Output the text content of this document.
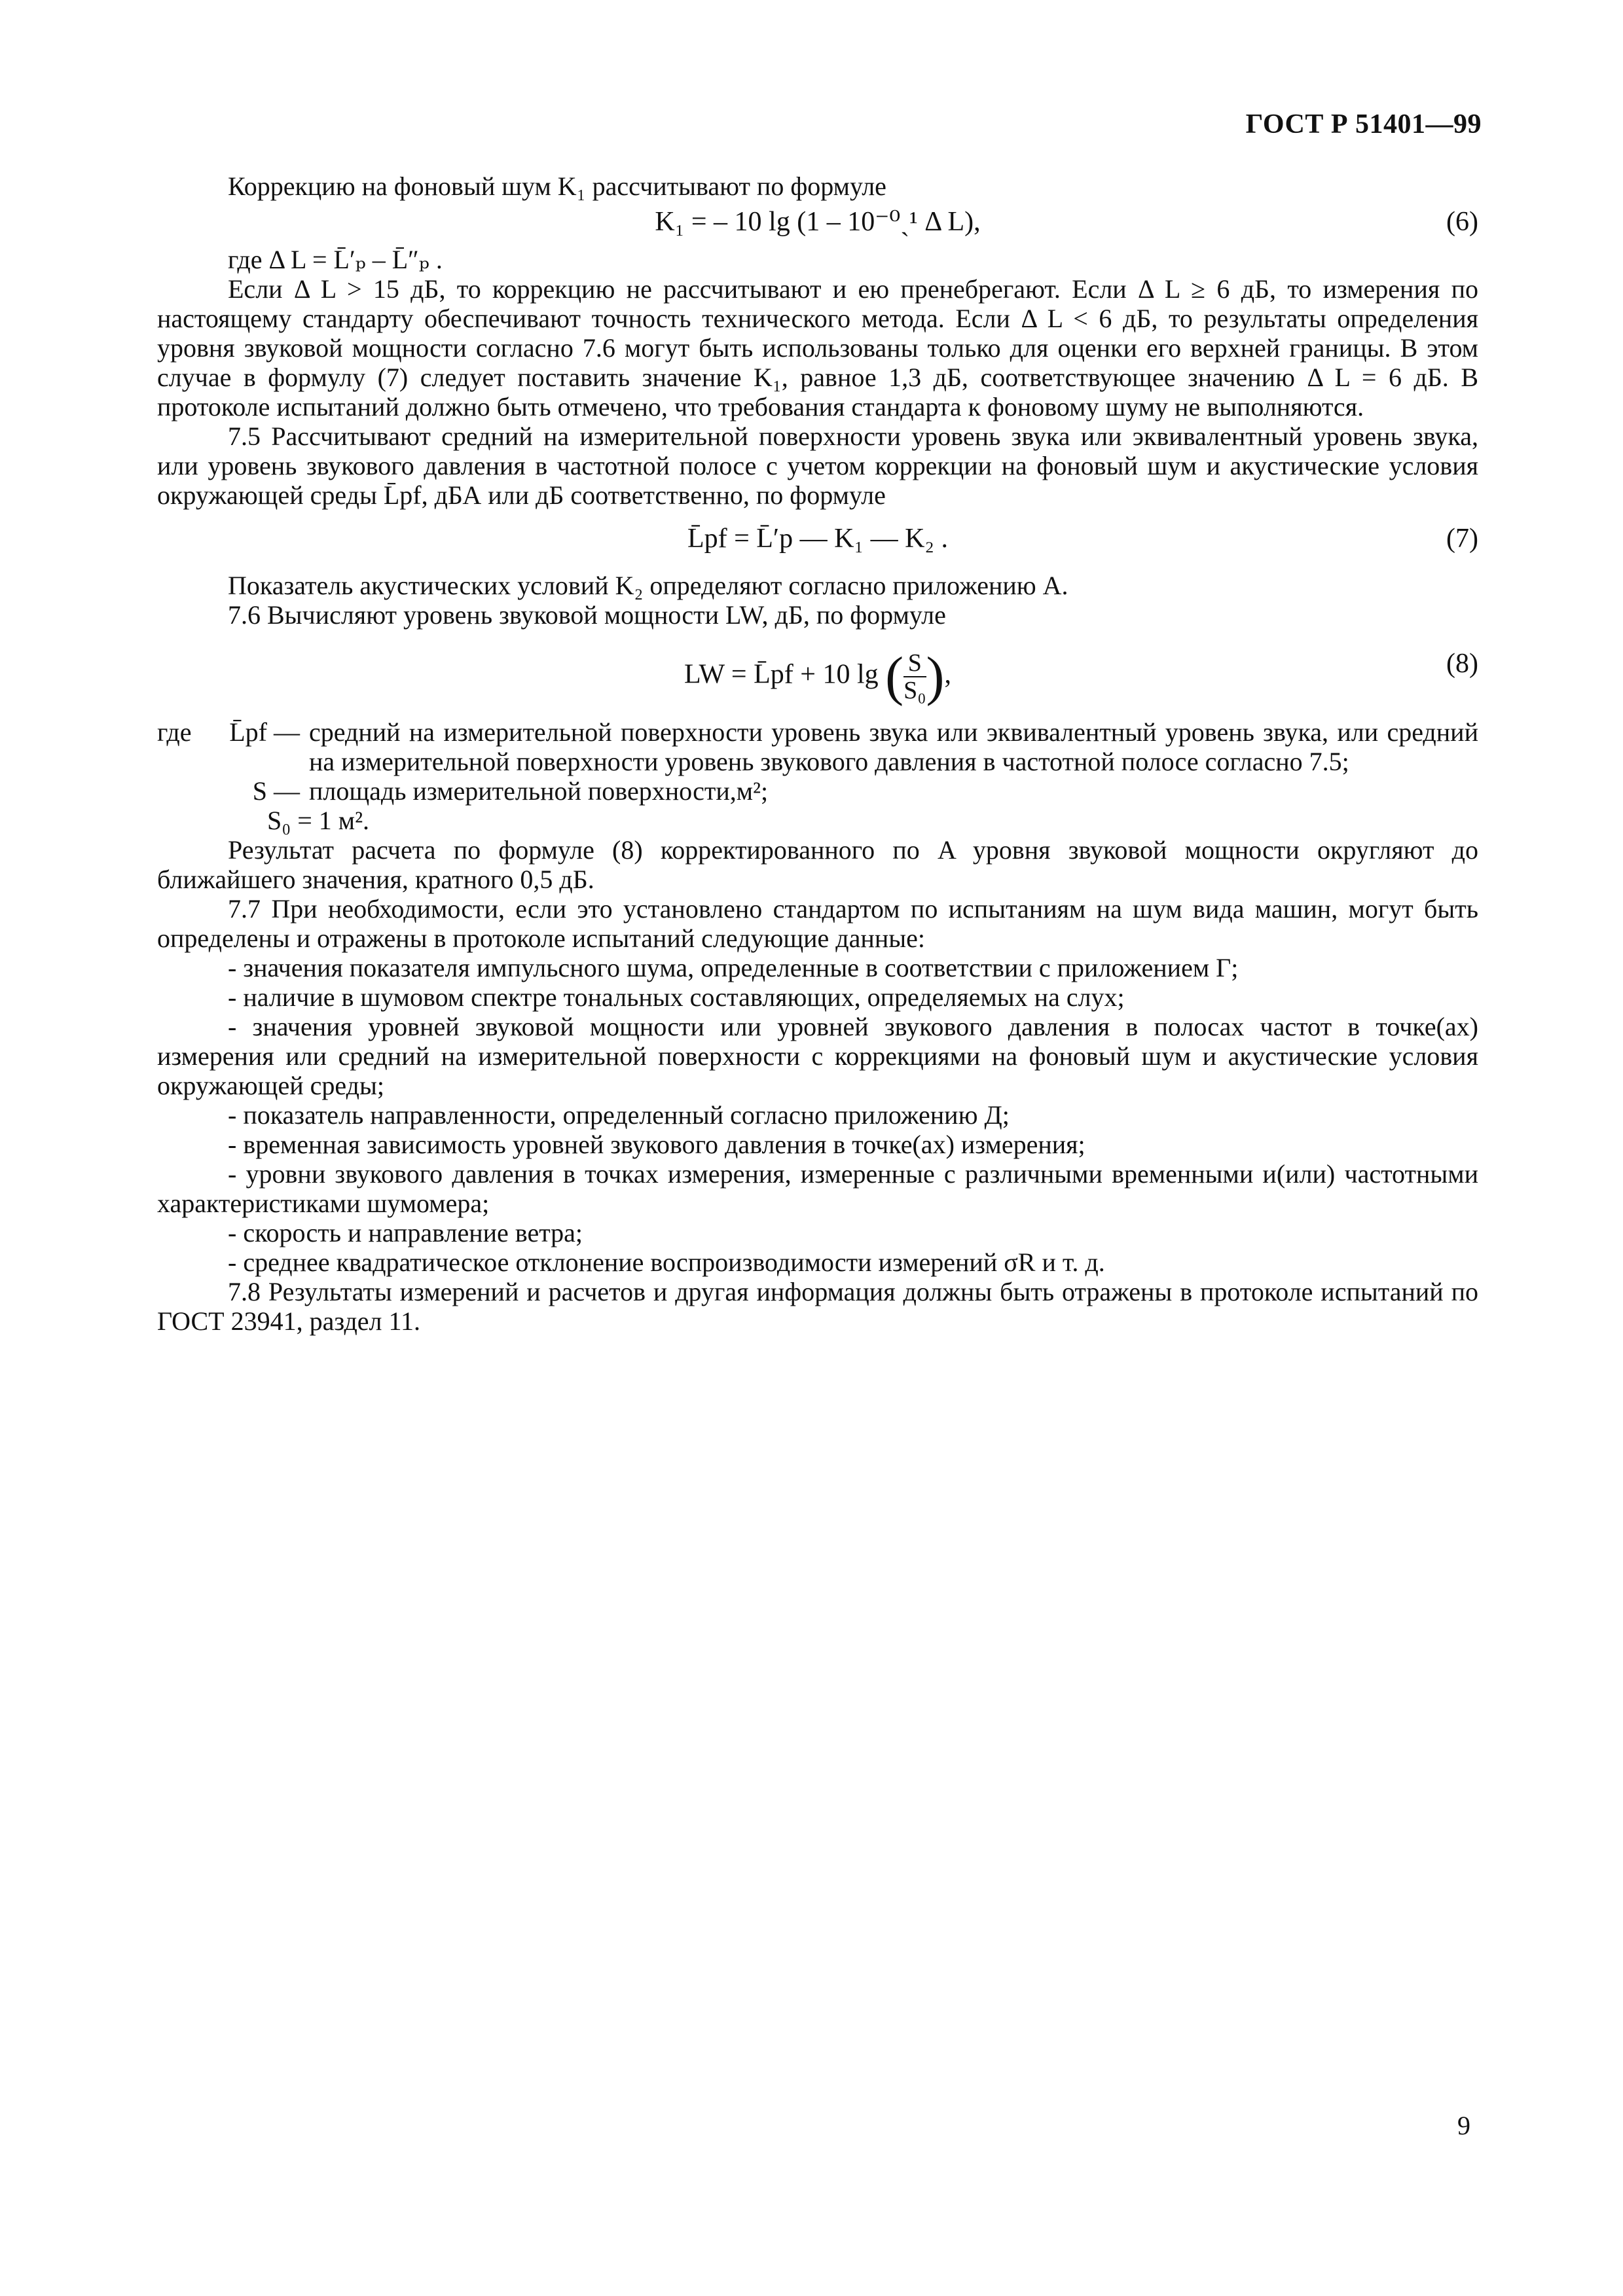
ГОСТ Р 51401—99

Коррекцию на фоновый шум K₁ рассчитывают по формуле

K₁ = – 10 lg (1 – 10⁻⁰ˏ¹ Δ L),	(6)

где Δ L = L̄′ₚ – L̄″ₚ .

Если Δ L > 15 дБ, то коррекцию не рассчитывают и ею пренебрегают. Если Δ L ≥ 6 дБ, то измерения по настоящему стандарту обеспечивают точность технического метода. Если Δ L < 6 дБ, то результаты определения уровня звуковой мощности согласно 7.6 могут быть использованы только для оценки его верхней границы. В этом случае в формулу (7) следует поставить значение K₁, равное 1,3 дБ, соответствующее значению Δ L = 6 дБ. В протоколе испытаний должно быть отмечено, что требования стандарта к фоновому шуму не выполняются.

7.5 Рассчитывают средний на измерительной поверхности уровень звука или эквивалентный уровень звука, или уровень звукового давления в частотной полосе с учетом коррекции на фоновый шум и акустические условия окружающей среды L̄pf, дБА или дБ соответственно, по формуле

L̄pf = L̄′p — K₁ — K₂ .	(7)

Показатель акустических условий K₂ определяют согласно приложению А.

7.6 Вычисляют уровень звуковой мощности LW, дБ, по формуле

LW = L̄pf + 10 lg ( $\frac{S}{\text{S₀}}$ ),	(8)
где	L̄pf — средний на измерительной поверхности уровень звука или эквивалентный уровень звука, или средний на измерительной поверхности уровень звукового давления в частотной полосе согласно 7.5;
S — площадь измерительной поверхности,м²;
S₀ = 1 м².

Результат расчета по формуле (8) корректированного по A уровня звуковой мощности округляют до ближайшего значения, кратного 0,5 дБ.

7.7 При необходимости, если это установлено стандартом по испытаниям на шум вида машин, могут быть определены и отражены в протоколе испытаний следующие данные:

- значения показателя импульсного шума, определенные в соответствии с приложением Г;

- наличие в шумовом спектре тональных составляющих, определяемых на слух;

- значения уровней звуковой мощности или уровней звукового давления в полосах частот в точке(ах) измерения или средний на измерительной поверхности с коррекциями на фоновый шум и акустические условия окружающей среды;

- показатель направленности, определенный согласно приложению Д;

- временная зависимость уровней звукового давления в точке(ах) измерения;

- уровни звукового давления в точках измерения, измеренные с различными временными и(или) частотными характеристиками шумомера;

- скорость и направление ветра;

- среднее квадратическое отклонение воспроизводимости измерений σR и т. д.

7.8 Результаты измерений и расчетов и другая информация должны быть отражены в протоколе испытаний по ГОСТ 23941, раздел 11.

9
